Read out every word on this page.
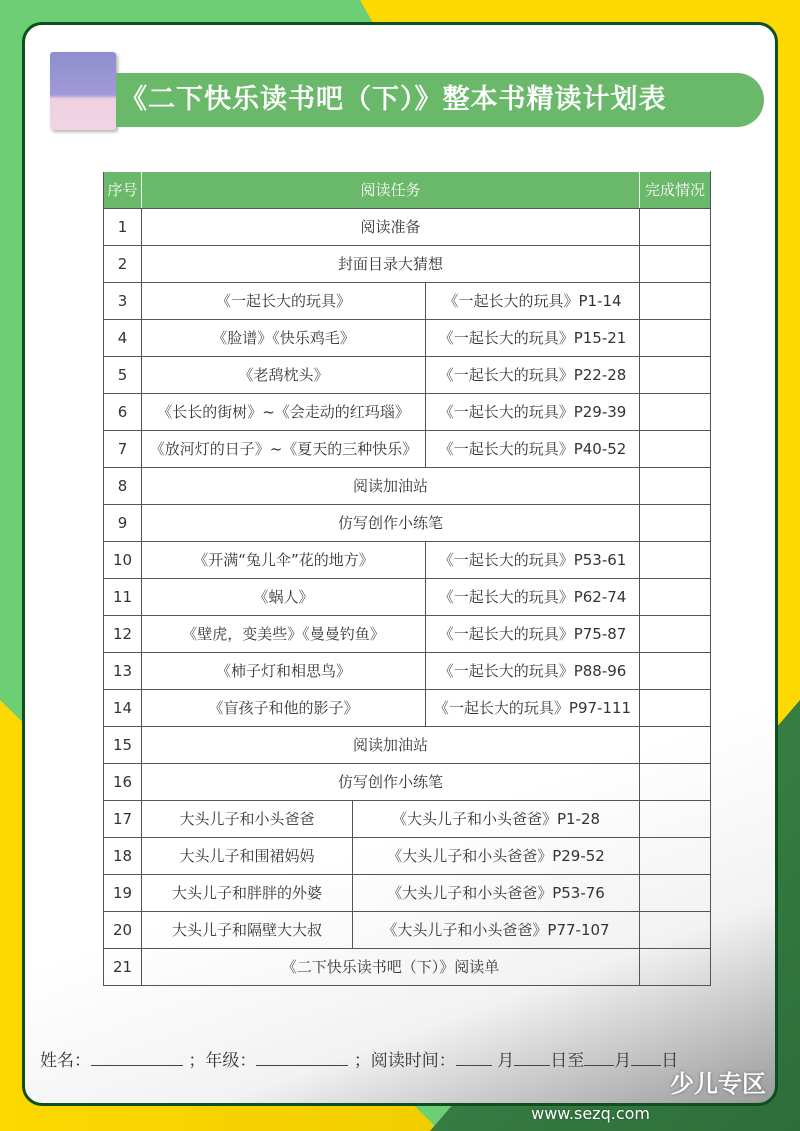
《二下快乐读书吧（下）》整本书精读计划表
序号	阅读任务			完成情况
1	阅读准备			
2	封面目录大猜想			
3	《一起长大的玩具》		《一起长大的玩具》P1-14	
4	《脸谱》《快乐鸡毛》		《一起长大的玩具》P15-21	
5	《老鸹枕头》		《一起长大的玩具》P22-28	
6	《长长的街树》~《会走动的红玛瑙》		《一起长大的玩具》P29-39	
7	《放河灯的日子》~《夏天的三种快乐》		《一起长大的玩具》P40-52	
8	阅读加油站			
9	仿写创作小练笔			
10	《开满“兔儿伞”花的地方》		《一起长大的玩具》P53-61	
11	《蜗人》		《一起长大的玩具》P62-74	
12	《壁虎，变美些》《曼曼钓鱼》		《一起长大的玩具》P75-87	
13	《柿子灯和相思鸟》		《一起长大的玩具》P88-96	
14	《盲孩子和他的影子》		《一起长大的玩具》P97-111	
15	阅读加油站			
16	仿写创作小练笔			
17	大头儿子和小头爸爸	《大头儿子和小头爸爸》P1-28		
18	大头儿子和围裙妈妈	《大头儿子和小头爸爸》P29-52		
19	大头儿子和胖胖的外婆	《大头儿子和小头爸爸》P53-76		
20	大头儿子和隔壁大大叔	《大头儿子和小头爸爸》P77-107		
21	《二下快乐读书吧（下）》阅读单			
姓名：	；年级：	；阅读时间： 月 日至 月 日
少儿专区
www.sezq.com
